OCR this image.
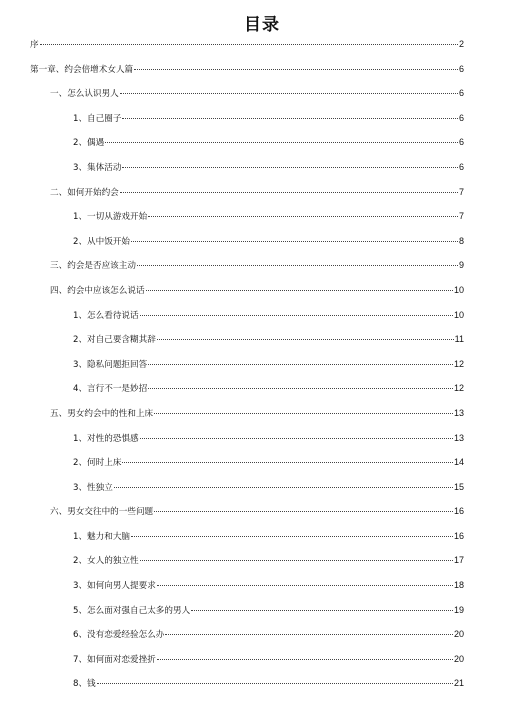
目录
序	2
第一章、约会倍增术女人篇	6
一、怎么认识男人	6
1、自己圈子	6
2、偶遇	6
3、集体活动	6
二、如何开始约会	7
1、一切从游戏开始	7
2、从中饭开始	8
三、约会是否应该主动	9
四、约会中应该怎么说话	10
1、怎么看待说话	10
2、对自己要含糊其辞	11
3、隐私问题拒回答	12
4、言行不一是妙招	12
五、男女约会中的性和上床	13
1、对性的恐惧感	13
2、何时上床	14
3、性独立	15
六、男女交往中的一些问题	16
1、魅力和大脑	16
2、女人的独立性	17
3、如何向男人提要求	18
5、怎么面对强自己太多的男人	19
6、没有恋爱经验怎么办	20
7、如何面对恋爱挫折	20
8、钱	21
